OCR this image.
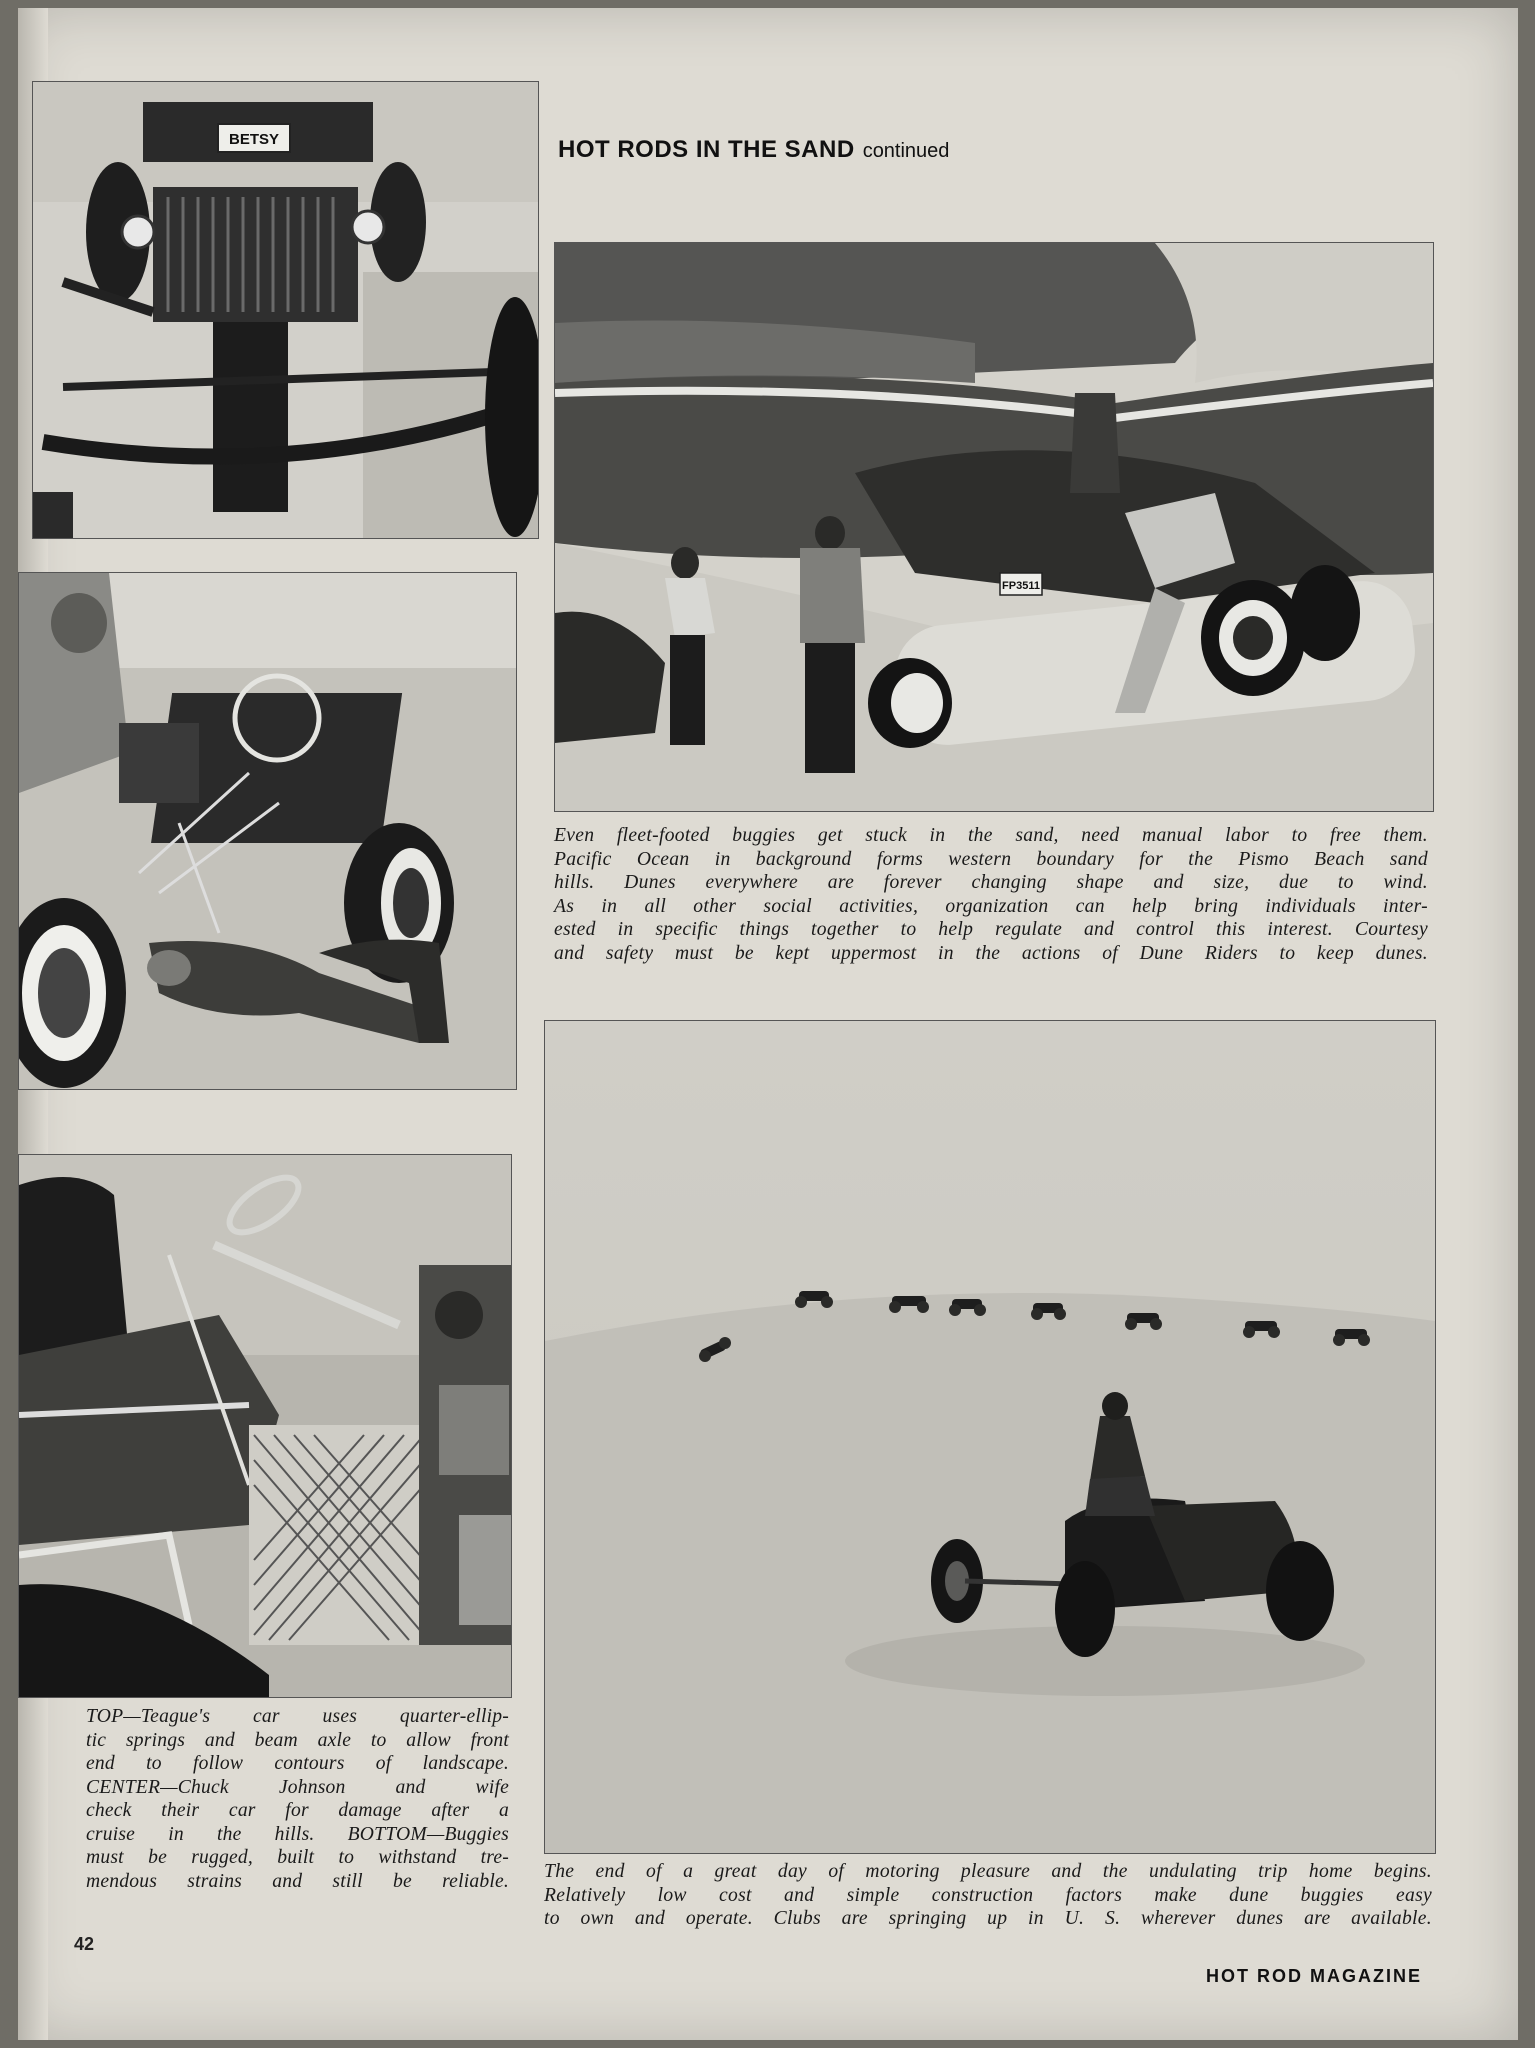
BETSY	HOT RODS IN THE SAND continued
FP3511
Even fleet-footed buggies get stuck in the sand, need manual labor to free them.
Pacific Ocean in background forms western boundary for the Pismo Beach sand
hills. Dunes everywhere are forever changing shape and size, due to wind.
As in all other social activities, organization can help bring individuals inter-
ested in specific things together to help regulate and control this interest. Courtesy
and safety must be kept uppermost in the actions of Dune Riders to keep dunes.
TOP—Teague's car uses quarter-ellip-
tic springs and beam axle to allow front
end to follow contours of landscape.
CENTER—Chuck Johnson and wife
check their car for damage after a
cruise in the hills. BOTTOM—Buggies
must be rugged, built to withstand tre-
mendous strains and still be reliable. The end of a great day of motoring pleasure and the undulating trip home begins.
Relatively low cost and simple construction factors make dune buggies easy
to own and operate. Clubs are springing up in U. S. wherever dunes are available.
42
HOT ROD MAGAZINE
